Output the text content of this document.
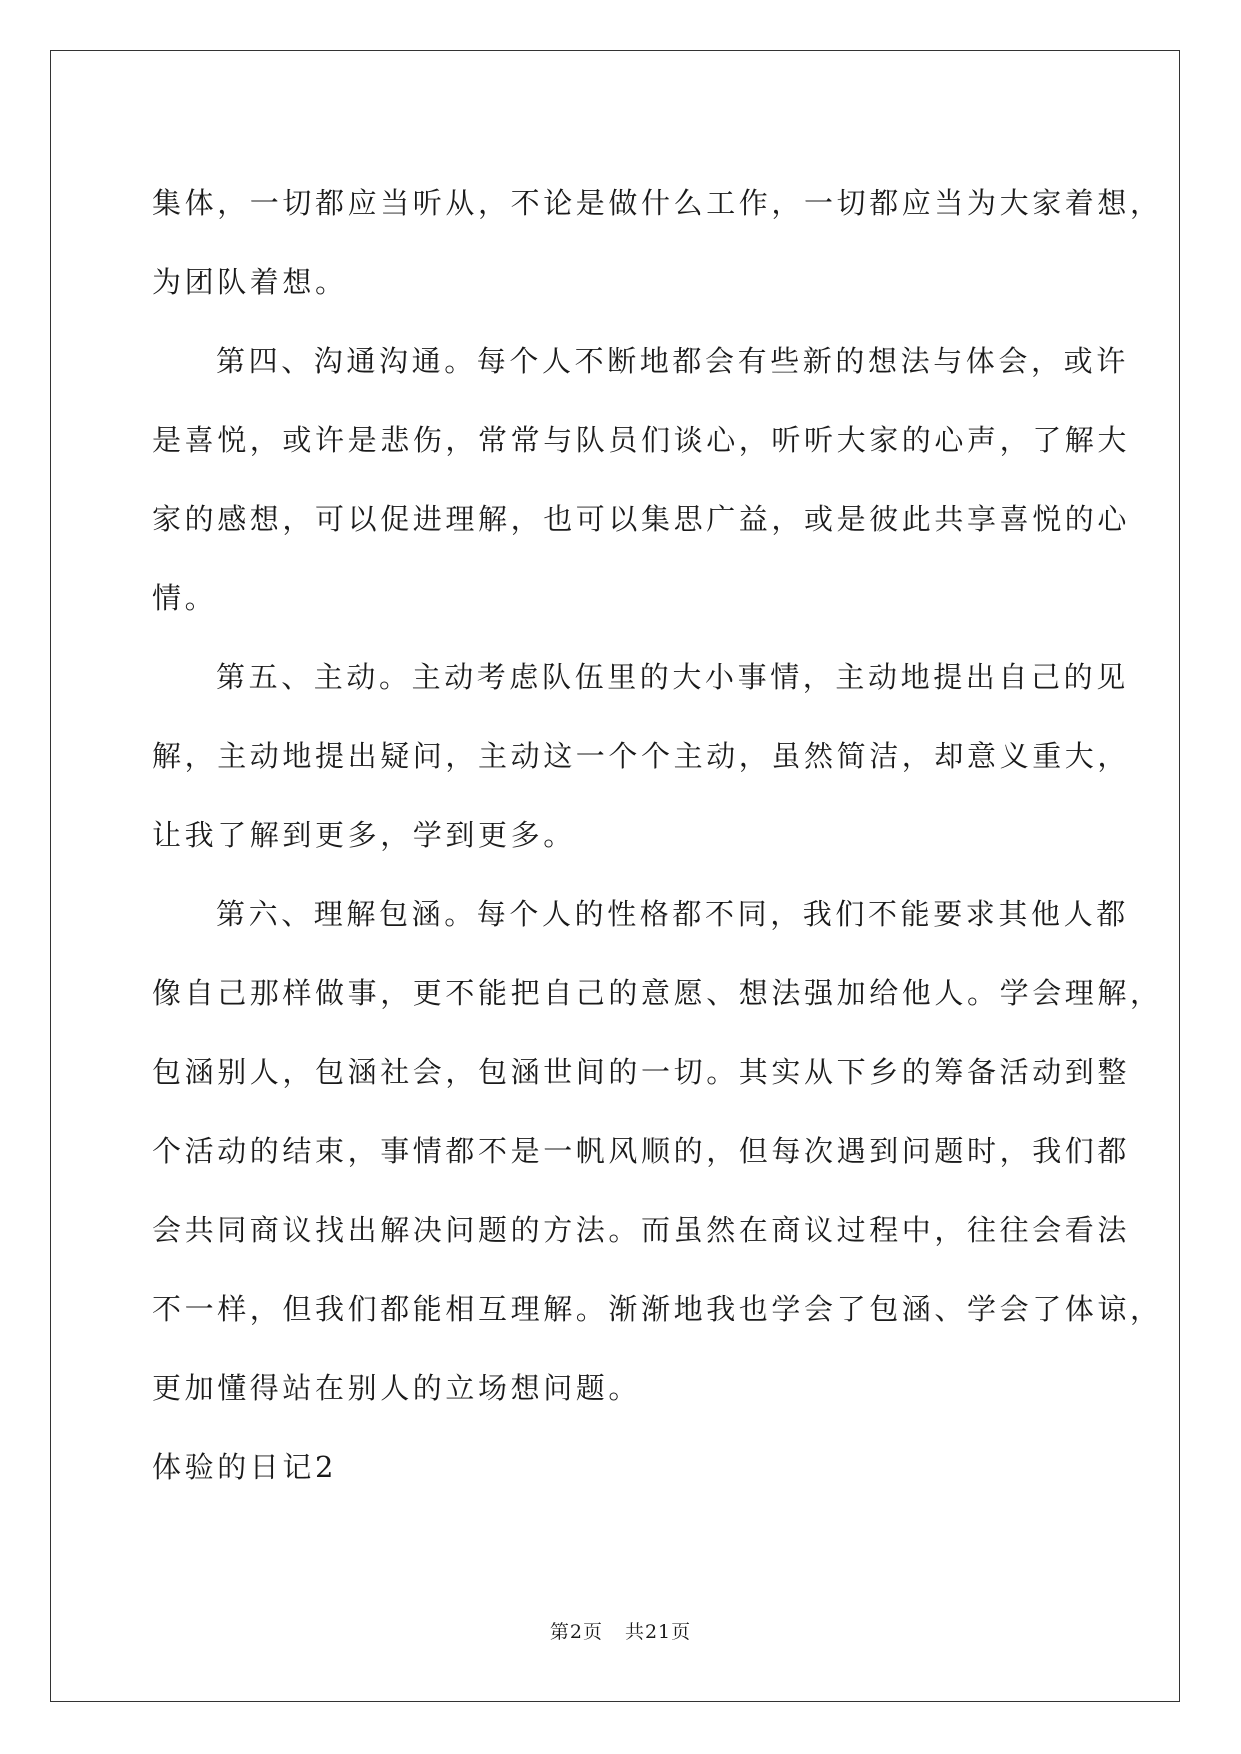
集体，一切都应当听从，不论是做什么工作，一切都应当为大家着想，

为团队着想。

第四、沟通沟通。每个人不断地都会有些新的想法与体会，或许

是喜悦，或许是悲伤，常常与队员们谈心，听听大家的心声，了解大

家的感想，可以促进理解，也可以集思广益，或是彼此共享喜悦的心

情。

第五、主动。主动考虑队伍里的大小事情，主动地提出自己的见

解，主动地提出疑问，主动这一个个主动，虽然简洁，却意义重大，

让我了解到更多，学到更多。

第六、理解包涵。每个人的性格都不同，我们不能要求其他人都

像自己那样做事，更不能把自己的意愿、想法强加给他人。学会理解，

包涵别人，包涵社会，包涵世间的一切。其实从下乡的筹备活动到整

个活动的结束，事情都不是一帆风顺的，但每次遇到问题时，我们都

会共同商议找出解决问题的方法。而虽然在商议过程中，往往会看法

不一样，但我们都能相互理解。渐渐地我也学会了包涵、学会了体谅，

更加懂得站在别人的立场想问题。

体验的日记2

第2页 共21页
